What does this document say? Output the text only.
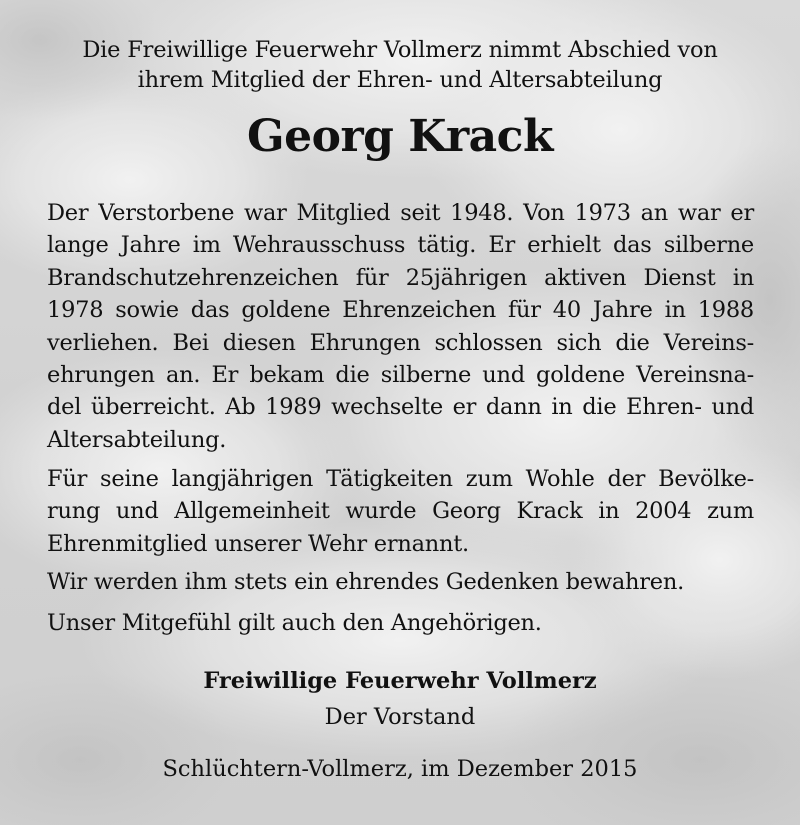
Die Freiwillige Feuerwehr Vollmerz nimmt Abschied von
ihrem Mitglied der Ehren- und Altersabteilung
Georg Krack
Der Verstorbene war Mitglied seit 1948. Von 1973 an war er
lange Jahre im Wehrausschuss tätig. Er erhielt das silberne
Brandschutzehrenzeichen für 25jährigen aktiven Dienst in
1978 sowie das goldene Ehrenzeichen für 40 Jahre in 1988
verliehen. Bei diesen Ehrungen schlossen sich die Vereins-
ehrungen an. Er bekam die silberne und goldene Vereinsna-
del überreicht. Ab 1989 wechselte er dann in die Ehren- und
Altersabteilung.
Für seine langjährigen Tätigkeiten zum Wohle der Bevölke-
rung und Allgemeinheit wurde Georg Krack in 2004 zum
Ehrenmitglied unserer Wehr ernannt.
Wir werden ihm stets ein ehrendes Gedenken bewahren.
Unser Mitgefühl gilt auch den Angehörigen.
Freiwillige Feuerwehr Vollmerz
Der Vorstand
Schlüchtern-Vollmerz, im Dezember 2015
